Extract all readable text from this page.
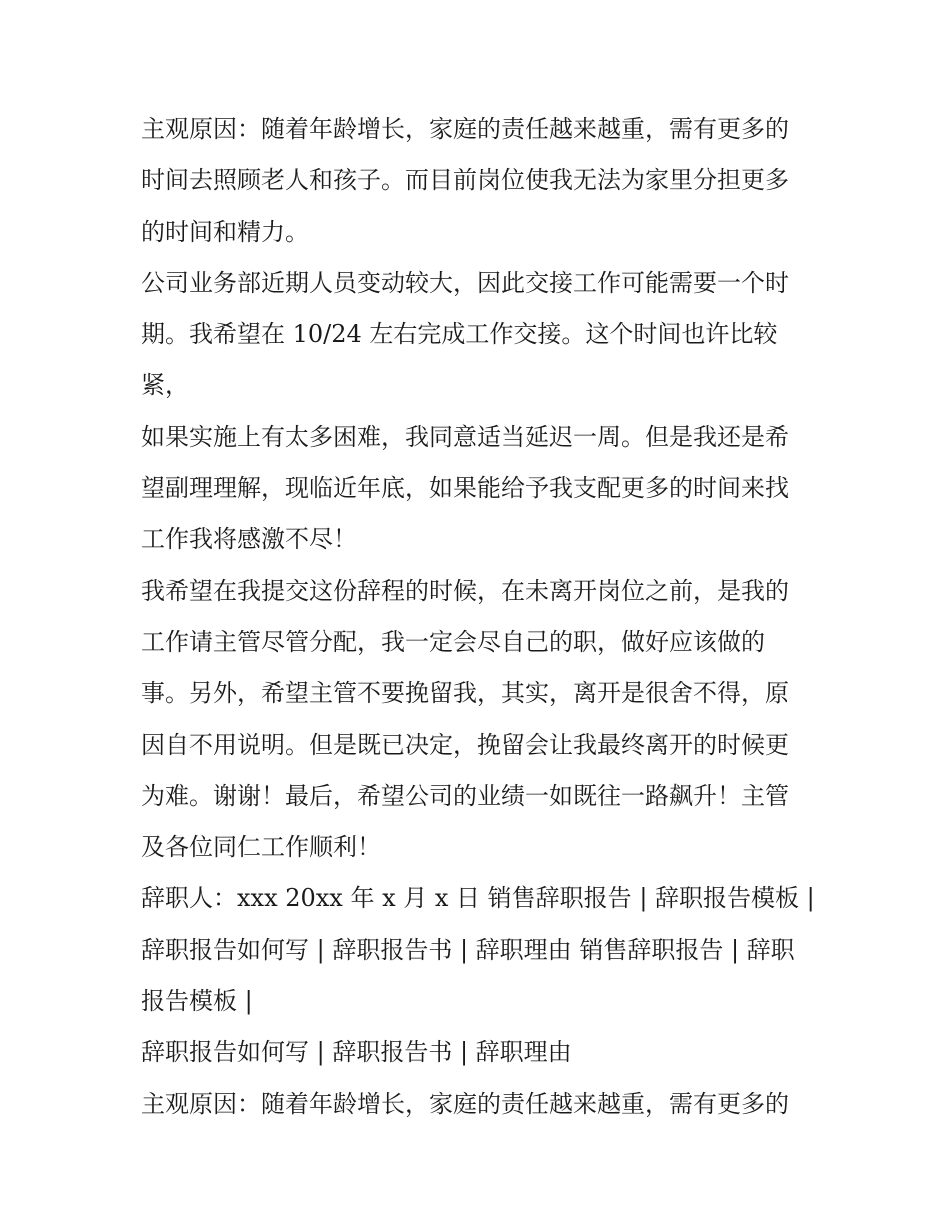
主观原因：随着年龄增长，家庭的责任越来越重，需有更多的
时间去照顾老人和孩子。而目前岗位使我无法为家里分担更多
的时间和精力。
公司业务部近期人员变动较大，因此交接工作可能需要一个时
期。我希望在 10/24 左右完成工作交接。这个时间也许比较
紧，
如果实施上有太多困难，我同意适当延迟一周。但是我还是希
望副理理解，现临近年底，如果能给予我支配更多的时间来找
工作我将感激不尽！
我希望在我提交这份辞程的时候，在未离开岗位之前，是我的
工作请主管尽管分配，我一定会尽自己的职，做好应该做的
事。另外，希望主管不要挽留我，其实，离开是很舍不得，原
因自不用说明。但是既已决定，挽留会让我最终离开的时候更
为难。谢谢！最后，希望公司的业绩一如既往一路飙升！主管
及各位同仁工作顺利！
辞职人：xxx 20xx 年 x 月 x 日 销售辞职报告 | 辞职报告模板 |
辞职报告如何写 | 辞职报告书 | 辞职理由 销售辞职报告 | 辞职
报告模板 |
辞职报告如何写 | 辞职报告书 | 辞职理由
主观原因：随着年龄增长，家庭的责任越来越重，需有更多的
